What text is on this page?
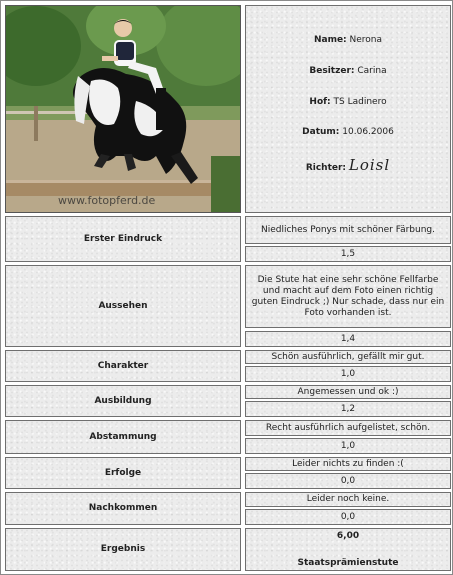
www.fotopferd.de
Name: Nerona
Besitzer: Carina
Hof: TS Ladinero
Datum: 10.06.2006
Richter: Loisl
Erster Eindruck
Niedliches Ponys mit schöner Färbung.
1,5
Aussehen
Die Stute hat eine sehr schöne Fellfarbe und macht auf dem Foto einen richtig guten Eindruck ;) Nur schade, dass nur ein Foto vorhanden ist.
1,4
Charakter
Schön ausführlich, gefällt mir gut.
1,0
Ausbildung
Angemessen und ok :)
1,2
Abstammung
Recht ausführlich aufgelistet, schön.
1,0
Erfolge
Leider nichts zu finden :(
0,0
Nachkommen
Leider noch keine.
0,0
Ergebnis
6,00
Staatsprämienstute
